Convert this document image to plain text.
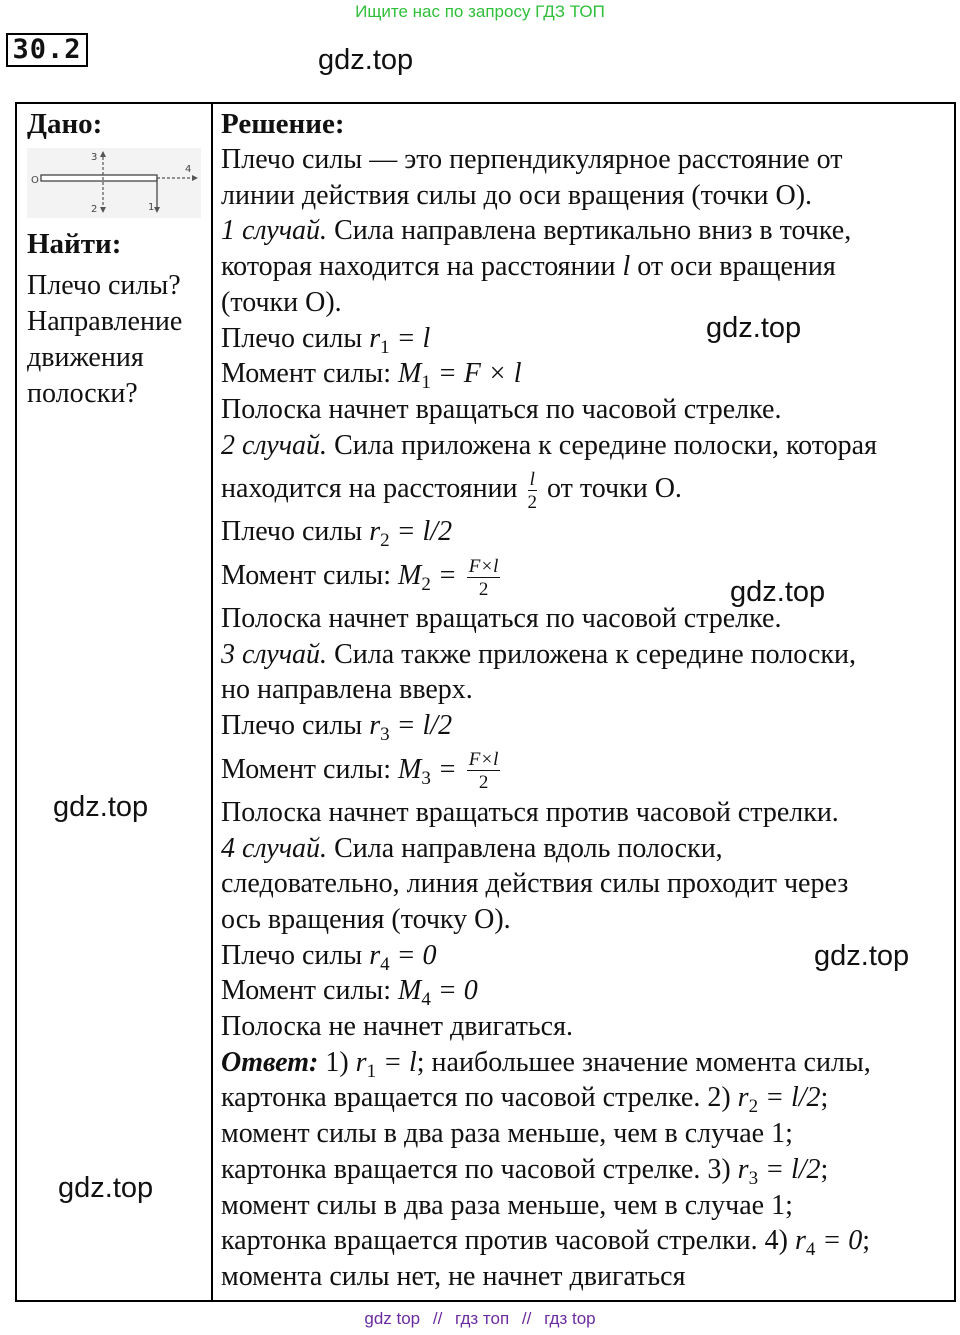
Ищите нас по запросу ГДЗ ТОП
30.2	gdz.top
Дано:
O
3
4
2	1
Найти:
Плечо силы?
Направление
движения
полоски?
Решение:
Плечо силы — это перпендикулярное расстояние от
линии действия силы до оси вращения (точки О).
1 случай. Сила направлена вертикально вниз в точке,
которая находится на расстоянии l от оси вращения
(точки О).
Плечо силы $r_1 = l$
Момент силы: $M_1 = F \times l$
Полоска начнет вращаться по часовой стрелке.
2 случай. Сила приложена к середине полоски, которая
находится на расстоянии $\frac{l}{2}$ от точки О.
Плечо силы $r_2 = l/2$
Момент силы: $M_2 = \frac{F\times l}{2}$
Полоска начнет вращаться по часовой стрелке.
3 случай. Сила также приложена к середине полоски,
но направлена вверх.
Плечо силы $r_3 = l/2$
Момент силы: $M_3 = \frac{F\times l}{2}$
Полоска начнет вращаться против часовой стрелки.
4 случай. Сила направлена вдоль полоски,
следовательно, линия действия силы проходит через
ось вращения (точку О).
Плечо силы $r_4 = 0$
Момент силы: $M_4 = 0$
Полоска не начнет двигаться.
Ответ: 1) $r_1 = l$; наибольшее значение момента силы,
картонка вращается по часовой стрелке. 2) $r_2 = l/2$;
момент силы в два раза меньше, чем в случае 1;
картонка вращается по часовой стрелке. 3) $r_3 = l/2$;
момент силы в два раза меньше, чем в случае 1;
картонка вращается против часовой стрелки. 4) $r_4 = 0$;
момента силы нет, не начнет двигаться
gdz.top
gdz.top
gdz.top
gdz.top
gdz.top
gdz top // гдз топ // гдз top
